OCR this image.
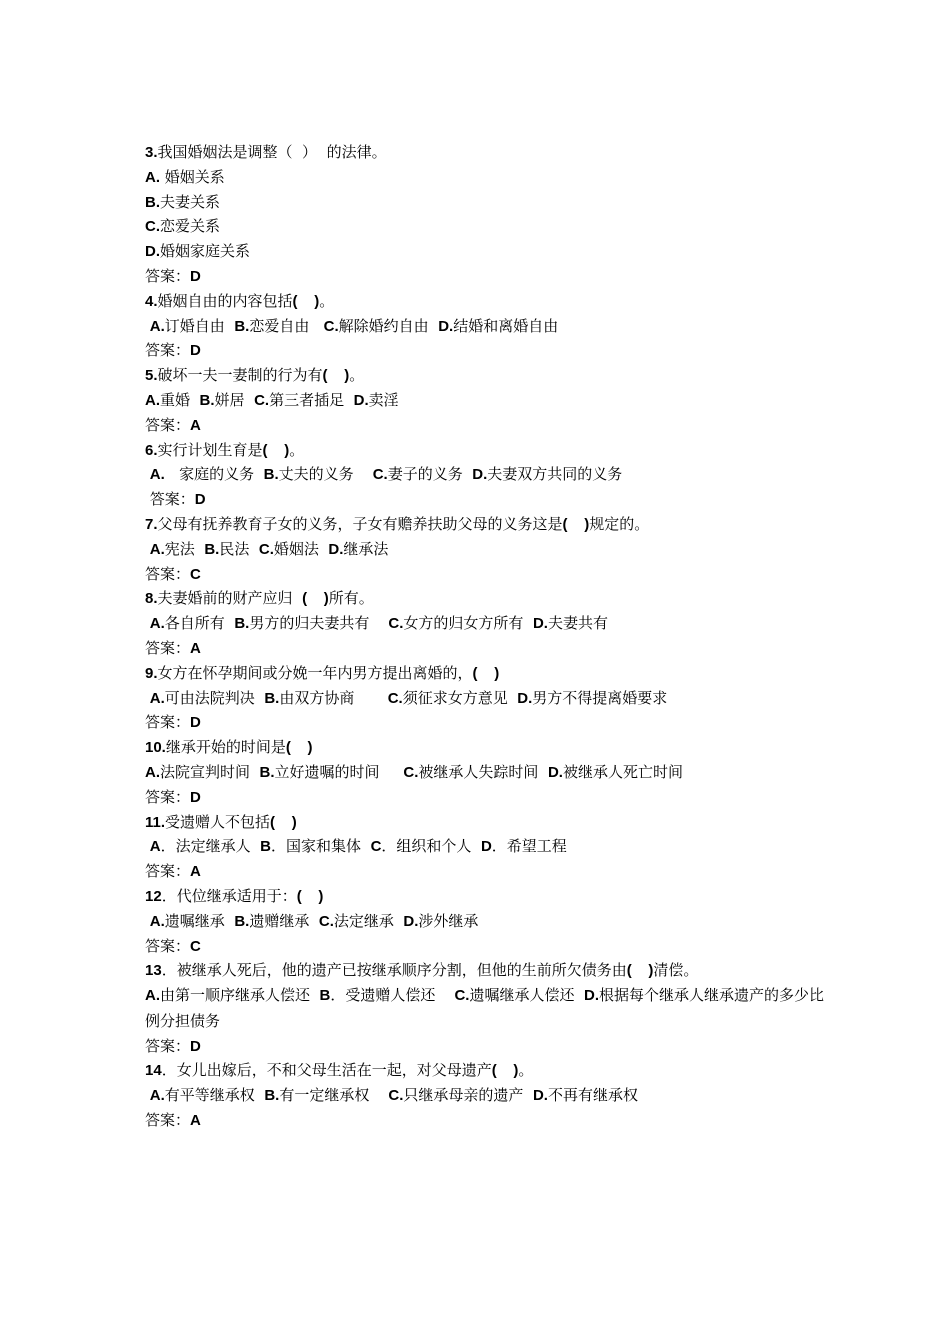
3.我国婚姻法是调整（  ）  的法律。
A. 婚姻关系
B.夫妻关系
C.恋爱关系
D.婚姻家庭关系
答案：D
4.婚姻自由的内容包括(    )。
A.订婚自由  B.恋爱自由   C.解除婚约自由  D.结婚和离婚自由
答案：D
5.破坏一夫一妻制的行为有(    )。
A.重婚  B.姘居  C.第三者插足  D.卖淫
答案：A
6.实行计划生育是(    )。
A.   家庭的义务  B.丈夫的义务    C.妻子的义务  D.夫妻双方共同的义务
答案：D
7.父母有抚养教育子女的义务，子女有赡养扶助父母的义务这是(    )规定的。
A.宪法  B.民法  C.婚姻法  D.继承法
答案：C
8.夫妻婚前的财产应归  (    )所有。
A.各自所有  B.男方的归夫妻共有    C.女方的归女方所有  D.夫妻共有
答案：A
9.女方在怀孕期间或分娩一年内男方提出离婚的，(    )
A.可由法院判决  B.由双方协商       C.须征求女方意见  D.男方不得提离婚要求
答案：D
10.继承开始的时间是(    )
A.法院宣判时间  B.立好遗嘱的时间     C.被继承人失踪时间  D.被继承人死亡时间
答案：D
11.受遗赠人不包括(    )
A．法定继承人  B．国家和集体  C．组织和个人  D．希望工程
答案：A
12．代位继承适用于：(    )
A.遗嘱继承  B.遗赠继承  C.法定继承  D.涉外继承
答案：C
13．被继承人死后，他的遗产已按继承顺序分割，但他的生前所欠债务由(    )清偿。
A.由第一顺序继承人偿还  B．受遗赠人偿还    C.遗嘱继承人偿还  D.根据每个继承人继承遗产的多少比例分担债务
答案：D
14．女儿出嫁后，不和父母生活在一起，对父母遗产(    )。
A.有平等继承权  B.有一定继承权    C.只继承母亲的遗产  D.不再有继承权
答案：A
